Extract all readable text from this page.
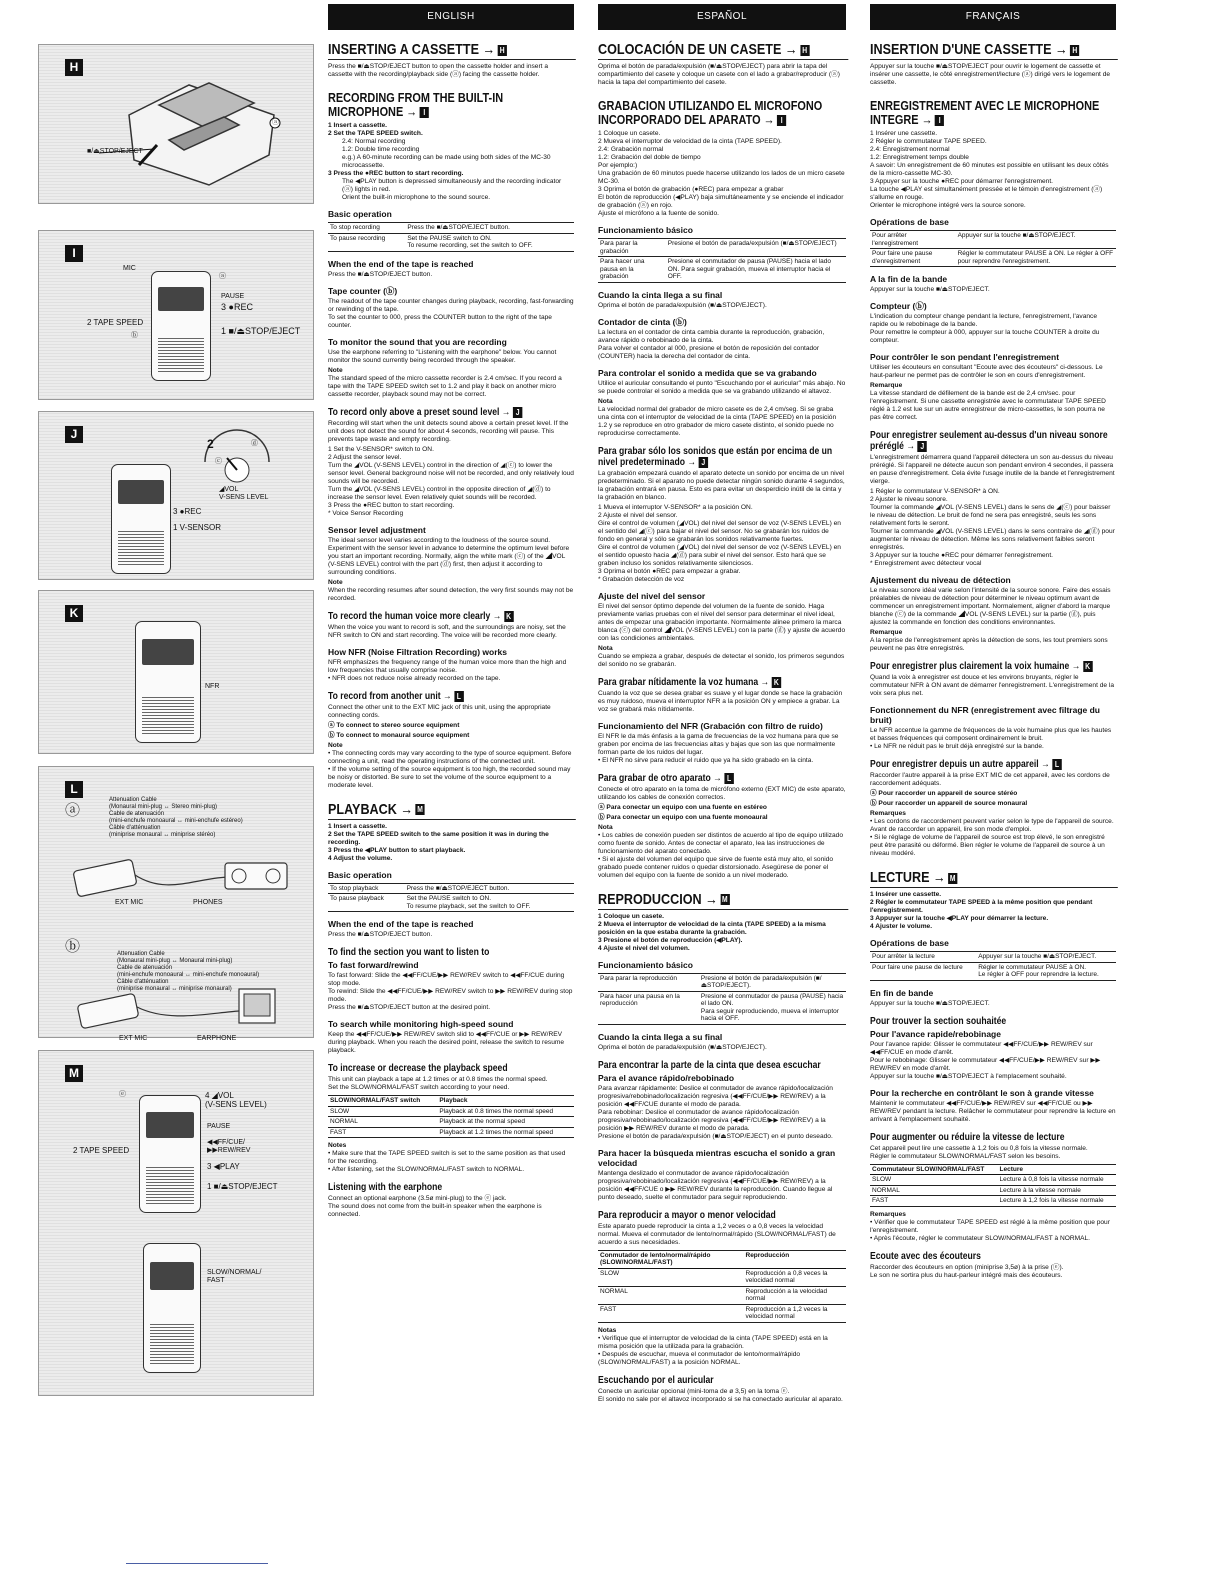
H
■/⏏STOP/EJECT
ⓐ
I
MIC
ⓐ
PAUSE
3 ●REC
2 TAPE SPEED
ⓑ	1 ■/⏏STOP/EJECT
J
2	ⓓ
ⓒ
◢VOL
V-SENS LEVEL
3 ●REC
1 V-SENSOR
K
NFR
L
ⓐ
Attenuation Cable
(Monaural mini-plug ↔ Stereo mini-plug)
Cable de atenuación
(mini-enchufe monoaural ↔ mini-enchufe estéreo)
Câble d'atténuation
(miniprise monaural ↔ miniprise stéréo)
EXT MIC	PHONES
ⓑ	Attenuation Cable
(Monaural mini-plug ↔ Monaural mini-plug)
Cable de atenuación
(mini-enchufe monoaural ↔ mini-enchufe monoaural)
Câble d'atténuation
(miniprise monaural ↔ miniprise monaural)
EXT MIC	EARPHONE
M
ⓔ	4 ◢VOL
(V-SENS LEVEL)
PAUSE
◀◀FF/CUE/
▶▶REW/REV
3 ◀PLAY
1 ■/⏏STOP/EJECT
2 TAPE SPEED
SLOW/NORMAL/
FAST
ENGLISH
INSERTING A CASSETTE → H

Press the ■/⏏STOP/EJECT button to open the cassette holder and insert a cassette with the recording/playback side (ⓐ) facing the cassette holder.

RECORDING FROM THE BUILT-IN MICROPHONE → I
1 Insert a cassette.
2 Set the TAPE SPEED switch.
2.4: Normal recording
1.2: Double time recording
e.g.) A 60-minute recording can be made using both sides of the MC-30 microcassette.
3 Press the ●REC button to start recording.
The ◀PLAY button is depressed simultaneously and the recording indicator (ⓐ) lights in red.
Orient the built-in microphone to the sound source.
Basic operation
To stop recording	Press the ■/⏏STOP/EJECT button.
To pause recording	Set the PAUSE switch to ON.
To resume recording, set the switch to OFF.
When the end of the tape is reached

Press the ■/⏏STOP/EJECT button.

Tape counter (ⓑ)

The readout of the tape counter changes during playback, recording, fast-forwarding or rewinding of the tape.
To set the counter to 000, press the COUNTER button to the right of the tape counter.

To monitor the sound that you are recording

Use the earphone referring to "Listening with the earphone" below. You cannot monitor the sound currently being recorded through the speaker.

Note

The standard speed of the micro cassette recorder is 2.4 cm/sec. If you record a tape with the TAPE SPEED switch set to 1.2 and play it back on another micro cassette recorder, playback sound may not be correct.

To record only above a preset sound level → J

Recording will start when the unit detects sound above a certain preset level. If the unit does not detect the sound for about 4 seconds, recording will pause. This prevents tape waste and empty recording.

1 Set the V-SENSOR* switch to ON.
2 Adjust the sensor level.
Turn the ◢VOL (V-SENS LEVEL) control in the direction of ◢(ⓒ) to lower the sensor level. General background noise will not be recorded, and only relatively loud sounds will be recorded.
Turn the ◢VOL (V-SENS LEVEL) control in the opposite direction of ◢(ⓓ) to increase the sensor level. Even relatively quiet sounds will be recorded.
3 Press the ●REC button to start recording.
* Voice Sensor Recording

Sensor level adjustment

The ideal sensor level varies according to the loudness of the source sound. Experiment with the sensor level in advance to determine the optimum level before you start an important recording. Normally, align the white mark (ⓒ) of the ◢VOL (V-SENS LEVEL) control with the part (ⓓ) first, then adjust it according to surrounding conditions.

Note

When the recording resumes after sound detection, the very first sounds may not be recorded.

To record the human voice more clearly → K

When the voice you want to record is soft, and the surroundings are noisy, set the NFR switch to ON and start recording. The voice will be recorded more clearly.

How NFR (Noise Filtration Recording) works

NFR emphasizes the frequency range of the human voice more than the high and low frequencies that usually comprise noise.
• NFR does not reduce noise already recorded on the tape.

To record from another unit → L

Connect the other unit to the EXT MIC jack of this unit, using the appropriate connecting cords.

ⓐ To connect to stereo source equipment

ⓑ To connect to monaural source equipment

Note

• The connecting cords may vary according to the type of source equipment. Before connecting a unit, read the operating instructions of the connected unit.
• If the volume setting of the source equipment is too high, the recorded sound may be noisy or distorted. Be sure to set the volume of the source equipment to a moderate level.

PLAYBACK → M

1 Insert a cassette.
2 Set the TAPE SPEED switch to the same position it was in during the recording.
3 Press the ◀PLAY button to start playback.
4 Adjust the volume.

Basic operation
To stop playback	Press the ■/⏏STOP/EJECT button.
To pause playback	Set the PAUSE switch to ON.
To resume playback, set the switch to OFF.
When the end of the tape is reached

Press the ■/⏏STOP/EJECT button.

To find the section you want to listen to
To fast forward/rewind

To fast forward: Slide the ◀◀FF/CUE/▶▶ REW/REV switch to ◀◀FF/CUE during stop mode.
To rewind: Slide the ◀◀FF/CUE/▶▶ REW/REV switch to ▶▶ REW/REV during stop mode.
Press the ■/⏏STOP/EJECT button at the desired point.

To search while monitoring high-speed sound

Keep the ◀◀FF/CUE/▶▶ REW/REV switch slid to ◀◀FF/CUE or ▶▶ REW/REV during playback. When you reach the desired point, release the switch to resume playback.

To increase or decrease the playback speed

This unit can playback a tape at 1.2 times or at 0.8 times the normal speed.
Set the SLOW/NORMAL/FAST switch according to your need.

SLOW/NORMAL/FAST switch	Playback
SLOW	Playback at 0.8 times the normal speed
NORMAL	Playback at the normal speed
FAST	Playback at 1.2 times the normal speed

Notes

• Make sure that the TAPE SPEED switch is set to the same position as that used for the recording.
• After listening, set the SLOW/NORMAL/FAST switch to NORMAL.

Listening with the earphone

Connect an optional earphone (3.5ø mini-plug) to the ⓔ jack.
The sound does not come from the built-in speaker when the earphone is connected.

ESPAÑOL
COLOCACIÓN DE UN CASETE → H

Oprima el botón de parada/expulsión (■/⏏STOP/EJECT) para abrir la tapa del compartimiento del casete y coloque un casete con el lado a grabar/reproducir (ⓐ) hacia la tapa del compartimiento del casete.

GRABACION UTILIZANDO EL MICROFONO INCORPORADO DEL APARATO → I

1 Coloque un casete.
2 Mueva el interruptor de velocidad de la cinta (TAPE SPEED).
2.4: Grabación normal
1.2: Grabación del doble de tiempo
Por ejemplo:)
Una grabación de 60 minutos puede hacerse utilizando los lados de un micro casete MC-30.
3 Oprima el botón de grabación (●REC) para empezar a grabar
El botón de reproducción (◀PLAY) baja simultáneamente y se enciende el indicador de grabación (ⓐ) en rojo.
Ajuste el micrófono a la fuente de sonido.

Funcionamiento básico
Para parar la grabación	Presione el botón de parada/expulsión (■/⏏STOP/EJECT)
Para hacer una pausa en la grabación	Presione el conmutador de pausa (PAUSE) hacia el lado ON. Para seguir grabación, mueva el interruptor hacia el OFF.
Cuando la cinta llega a su final

Oprima el botón de parada/expulsión (■/⏏STOP/EJECT).

Contador de cinta (ⓑ)

La lectura en el contador de cinta cambia durante la reproducción, grabación, avance rápido o rebobinado de la cinta.
Para volver el contador al 000, presione el botón de reposición del contador (COUNTER) hacia la derecha del contador de cinta.

Para controlar el sonido a medida que se va grabando

Utilice el auricular consultando el punto "Escuchando por el auricular" más abajo. No se puede controlar el sonido a medida que se va grabando utilizando el altavoz.

Nota

La velocidad normal del grabador de micro casete es de 2,4 cm/seg. Si se graba una cinta con el interruptor de velocidad de la cinta (TAPE SPEED) en la posición 1.2 y se reproduce en otro grabador de micro casete distinto, el sonido puede no reproducirse correctamente.

Para grabar sólo los sonidos que están por encima de un nivel predeterminado → J

La grabación empezará cuando el aparato detecte un sonido por encima de un nivel predeterminado. Si el aparato no puede detectar ningún sonido durante 4 segundos, la grabación entrará en pausa. Esto es para evitar un desperdicio inútil de la cinta y la grabación en blanco.

1 Mueva el interruptor V-SENSOR* a la posición ON.
2 Ajuste el nivel del sensor.
Gire el control de volumen (◢VOL) del nivel del sensor de voz (V-SENS LEVEL) en el sentido del ◢(ⓒ) para bajar el nivel del sensor. No se grabarán los ruidos de fondo en general y sólo se grabarán los sonidos relativamente fuertes.
Gire el control de volumen (◢VOL) del nivel del sensor de voz (V-SENS LEVEL) en el sentido opuesto hacia ◢(ⓓ) para subir el nivel del sensor. Esto hará que se graben incluso los sonidos relativamente silenciosos.
3 Oprima el botón ●REC para empezar a grabar.
* Grabación detección de voz

Ajuste del nivel del sensor

El nivel del sensor óptimo depende del volumen de la fuente de sonido. Haga previamente varias pruebas con el nivel del sensor para determinar el nivel ideal, antes de empezar una grabación importante. Normalmente alinee primero la marca blanca (ⓒ) del control ◢VOL (V-SENS LEVEL) con la parte (ⓓ) y ajuste de acuerdo con las condiciones ambientales.

Nota

Cuando se empieza a grabar, después de detectar el sonido, los primeros segundos del sonido no se grabarán.

Para grabar nítidamente la voz humana → K

Cuando la voz que se desea grabar es suave y el lugar donde se hace la grabación es muy ruidoso, mueva el interruptor NFR a la posición ON y empiece a grabar. La voz se grabará más nítidamente.

Funcionamiento del NFR (Grabación con filtro de ruido)

El NFR le da más énfasis a la gama de frecuencias de la voz humana para que se graben por encima de las frecuencias altas y bajas que son las que normalmente forman parte de los ruidos del lugar.
• El NFR no sirve para reducir el ruido que ya ha sido grabado en la cinta.

Para grabar de otro aparato → L

Conecte el otro aparato en la toma de micrófono externo (EXT MIC) de este aparato, utilizando los cables de conexión correctos.

ⓐ Para conectar un equipo con una fuente en estéreo

ⓑ Para conectar un equipo con una fuente monoaural

Nota

• Los cables de conexión pueden ser distintos de acuerdo al tipo de equipo utilizado como fuente de sonido. Antes de conectar el aparato, lea las instrucciones de funcionamiento del aparato conectado.
• Si el ajuste del volumen del equipo que sirve de fuente está muy alto, el sonido grabado puede contener ruidos o quedar distorsionado. Asegúrese de poner el volumen del equipo con la fuente de sonido a un nivel moderado.

REPRODUCCION → M

1 Coloque un casete.
2 Mueva el interruptor de velocidad de la cinta (TAPE SPEED) a la misma posición en la que estaba durante la grabación.
3 Presione el botón de reproducción (◀PLAY).
4 Ajuste el nivel del volumen.

Funcionamiento básico
Para parar la reproducción	Presione el botón de parada/expulsión (■/⏏STOP/EJECT).
Para hacer una pausa en la reproducción	Presione el conmutador de pausa (PAUSE) hacia el lado ON.
Para seguir reproduciendo, mueva el interruptor hacia el OFF.
Cuando la cinta llega a su final

Oprima el botón de parada/expulsión (■/⏏STOP/EJECT).

Para encontrar la parte de la cinta que desea escuchar
Para el avance rápido/rebobinado

Para avanzar rápidamente: Deslice el conmutador de avance rápido/localización progresiva/rebobinado/localización regresiva (◀◀FF/CUE/▶▶ REW/REV) a la posición ◀◀FF/CUE durante el modo de parada.
Para rebobinar: Deslice el conmutador de avance rápido/localización progresiva/rebobinado/localización regresiva (◀◀FF/CUE/▶▶ REW/REV) a la posición ▶▶ REW/REV durante el modo de parada.
Presione el botón de parada/expulsión (■/⏏STOP/EJECT) en el punto deseado.

Para hacer la búsqueda mientras escucha el sonido a gran velocidad

Mantenga deslizado el conmutador de avance rápido/localización progresiva/rebobinado/localización regresiva (◀◀FF/CUE/▶▶ REW/REV) a la posición ◀◀FF/CUE o ▶▶ REW/REV durante la reproducción. Cuando llegue al punto deseado, suelte el conmutador para seguir reproduciendo.

Para reproducir a mayor o menor velocidad

Este aparato puede reproducir la cinta a 1,2 veces o a 0,8 veces la velocidad normal. Mueva el conmutador de lento/normal/rápido (SLOW/NORMAL/FAST) de acuerdo a sus necesidades.

Conmutador de lento/normal/rápido (SLOW/NORMAL/FAST)	Reproducción
SLOW	Reproducción a 0,8 veces la velocidad normal
NORMAL	Reproducción a la velocidad normal
FAST	Reproducción a 1,2 veces la velocidad normal

Notas

• Verifique que el interruptor de velocidad de la cinta (TAPE SPEED) está en la misma posición que la utilizada para la grabación.
• Después de escuchar, mueva el conmutador de lento/normal/rápido (SLOW/NORMAL/FAST) a la posición NORMAL.

Escuchando por el auricular

Conecte un auricular opcional (mini-toma de ø 3,5) en la toma ⓔ.
El sonido no sale por el altavoz incorporado si se ha conectado auricular al aparato.

FRANÇAIS
INSERTION D'UNE CASSETTE → H

Appuyer sur la touche ■/⏏STOP/EJECT pour ouvrir le logement de cassette et insérer une cassette, le côté enregistrement/lecture (ⓐ) dirigé vers le logement de cassette.

ENREGISTREMENT AVEC LE MICROPHONE INTEGRE → I

1 Insérer une cassette.
2 Régler le commutateur TAPE SPEED.
2.4: Enregistrement normal
1.2: Enregistrement temps double
A savoir: Un enregistrement de 60 minutes est possible en utilisant les deux côtés de la micro-cassette MC-30.
3 Appuyer sur la touche ●REC pour démarrer l'enregistrement.
La touche ◀PLAY est simultanément pressée et le témoin d'enregistrement (ⓐ) s'allume en rouge.
Orienter le microphone intégré vers la source sonore.

Opérations de base
Pour arrêter l'enregistrement	Appuyer sur la touche ■/⏏STOP/EJECT.
Pour faire une pause d'enregistrement	Régler le commutateur PAUSE à ON. Le régler à OFF pour reprendre l'enregistrement.
A la fin de la bande

Appuyer sur la touche ■/⏏STOP/EJECT.

Compteur (ⓑ)

L'indication du compteur change pendant la lecture, l'enregistrement, l'avance rapide ou le rebobinage de la bande.
Pour remettre le compteur à 000, appuyer sur la touche COUNTER à droite du compteur.

Pour contrôler le son pendant l'enregistrement

Utiliser les écouteurs en consultant "Ecoute avec des écouteurs" ci-dessous. Le haut-parleur ne permet pas de contrôler le son en cours d'enregistrement.

Remarque

La vitesse standard de défilement de la bande est de 2,4 cm/sec. pour l'enregistrement. Si une cassette enregistrée avec le commutateur TAPE SPEED réglé à 1.2 est lue sur un autre enregistreur de micro-cassettes, le son pourra ne pas être correct.

Pour enregistrer seulement au-dessus d'un niveau sonore préréglé → J

L'enregistrement démarrera quand l'appareil détectera un son au-dessus du niveau préréglé. Si l'appareil ne détecte aucun son pendant environ 4 secondes, il passera en pause d'enregistrement. Cela évite l'usage inutile de la bande et l'enregistrement vierge.

1 Régler le commutateur V-SENSOR* à ON.
2 Ajuster le niveau sonore.
Tourner la commande ◢VOL (V-SENS LEVEL) dans le sens de ◢(ⓒ) pour baisser le niveau de détection. Le bruit de fond ne sera pas enregistré, seuls les sons relativement forts le seront.
Tourner la commande ◢VOL (V-SENS LEVEL) dans le sens contraire de ◢(ⓓ) pour augmenter le niveau de détection. Même les sons relativement faibles seront enregistrés.
3 Appuyer sur la touche ●REC pour démarrer l'enregistrement.
* Enregistrement avec détecteur vocal

Ajustement du niveau de détection

Le niveau sonore idéal varie selon l'intensité de la source sonore. Faire des essais préalables de niveau de détection pour déterminer le niveau optimum avant de commencer un enregistrement important. Normalement, aligner d'abord la marque blanche (ⓒ) de la commande ◢VOL (V-SENS LEVEL) sur la partie (ⓓ), puis ajustez la commande en fonction des conditions environnantes.

Remarque

A la reprise de l'enregistrement après la détection de sons, les tout premiers sons peuvent ne pas être enregistrés.

Pour enregistrer plus clairement la voix humaine → K

Quand la voix à enregistrer est douce et les environs bruyants, régler le commutateur NFR à ON avant de démarrer l'enregistrement. L'enregistrement de la voix sera plus net.

Fonctionnement du NFR (enregistrement avec filtrage du bruit)

Le NFR accentue la gamme de fréquences de la voix humaine plus que les hautes et basses fréquences qui composent ordinairement le bruit.
• Le NFR ne réduit pas le bruit déjà enregistré sur la bande.

Pour enregistrer depuis un autre appareil → L

Raccorder l'autre appareil à la prise EXT MIC de cet appareil, avec les cordons de raccordement adéquats.

ⓐ Pour raccorder un appareil de source stéréo

ⓑ Pour raccorder un appareil de source monaural

Remarques

• Les cordons de raccordement peuvent varier selon le type de l'appareil de source. Avant de raccorder un appareil, lire son mode d'emploi.
• Si le réglage de volume de l'appareil de source est trop élevé, le son enregistré peut être parasité ou déformé. Bien régler le volume de l'appareil de source à un niveau modéré.

LECTURE → M

1 Insérer une cassette.
2 Régler le commutateur TAPE SPEED à la même position que pendant l'enregistrement.
3 Appuyer sur la touche ◀PLAY pour démarrer la lecture.
4 Ajuster le volume.

Opérations de base
Pour arrêter la lecture	Appuyer sur la touche ■/⏏STOP/EJECT.
Pour faire une pause de lecture	Régler le commutateur PAUSE à ON.
Le régler à OFF pour reprendre la lecture.
En fin de bande

Appuyer sur la touche ■/⏏STOP/EJECT.

Pour trouver la section souhaitée
Pour l'avance rapide/rebobinage

Pour l'avance rapide: Glisser le commutateur ◀◀FF/CUE/▶▶ REW/REV sur ◀◀FF/CUE en mode d'arrêt.
Pour le rebobinage: Glisser le commutateur ◀◀FF/CUE/▶▶ REW/REV sur ▶▶ REW/REV en mode d'arrêt.
Appuyer sur la touche ■/⏏STOP/EJECT à l'emplacement souhaité.

Pour la recherche en contrôlant le son à grande vitesse

Maintenir le commutateur ◀◀FF/CUE/▶▶ REW/REV sur ◀◀FF/CUE ou ▶▶ REW/REV pendant la lecture. Relâcher le commutateur pour reprendre la lecture en arrivant à l'emplacement souhaité.

Pour augmenter ou réduire la vitesse de lecture

Cet appareil peut lire une cassette à 1,2 fois ou 0,8 fois la vitesse normale.
Régler le commutateur SLOW/NORMAL/FAST selon les besoins.

Commutateur SLOW/NORMAL/FAST	Lecture
SLOW	Lecture à 0,8 fois la vitesse normale
NORMAL	Lecture à la vitesse normale
FAST	Lecture à 1,2 fois la vitesse normale

Remarques

• Vérifier que le commutateur TAPE SPEED est réglé à la même position que pour l'enregistrement.
• Après l'écoute, régler le commutateur SLOW/NORMAL/FAST à NORMAL.

Ecoute avec des écouteurs

Raccorder des écouteurs en option (miniprise 3,5ø) à la prise (ⓔ).
Le son ne sortira plus du haut-parleur intégré mais des écouteurs.
